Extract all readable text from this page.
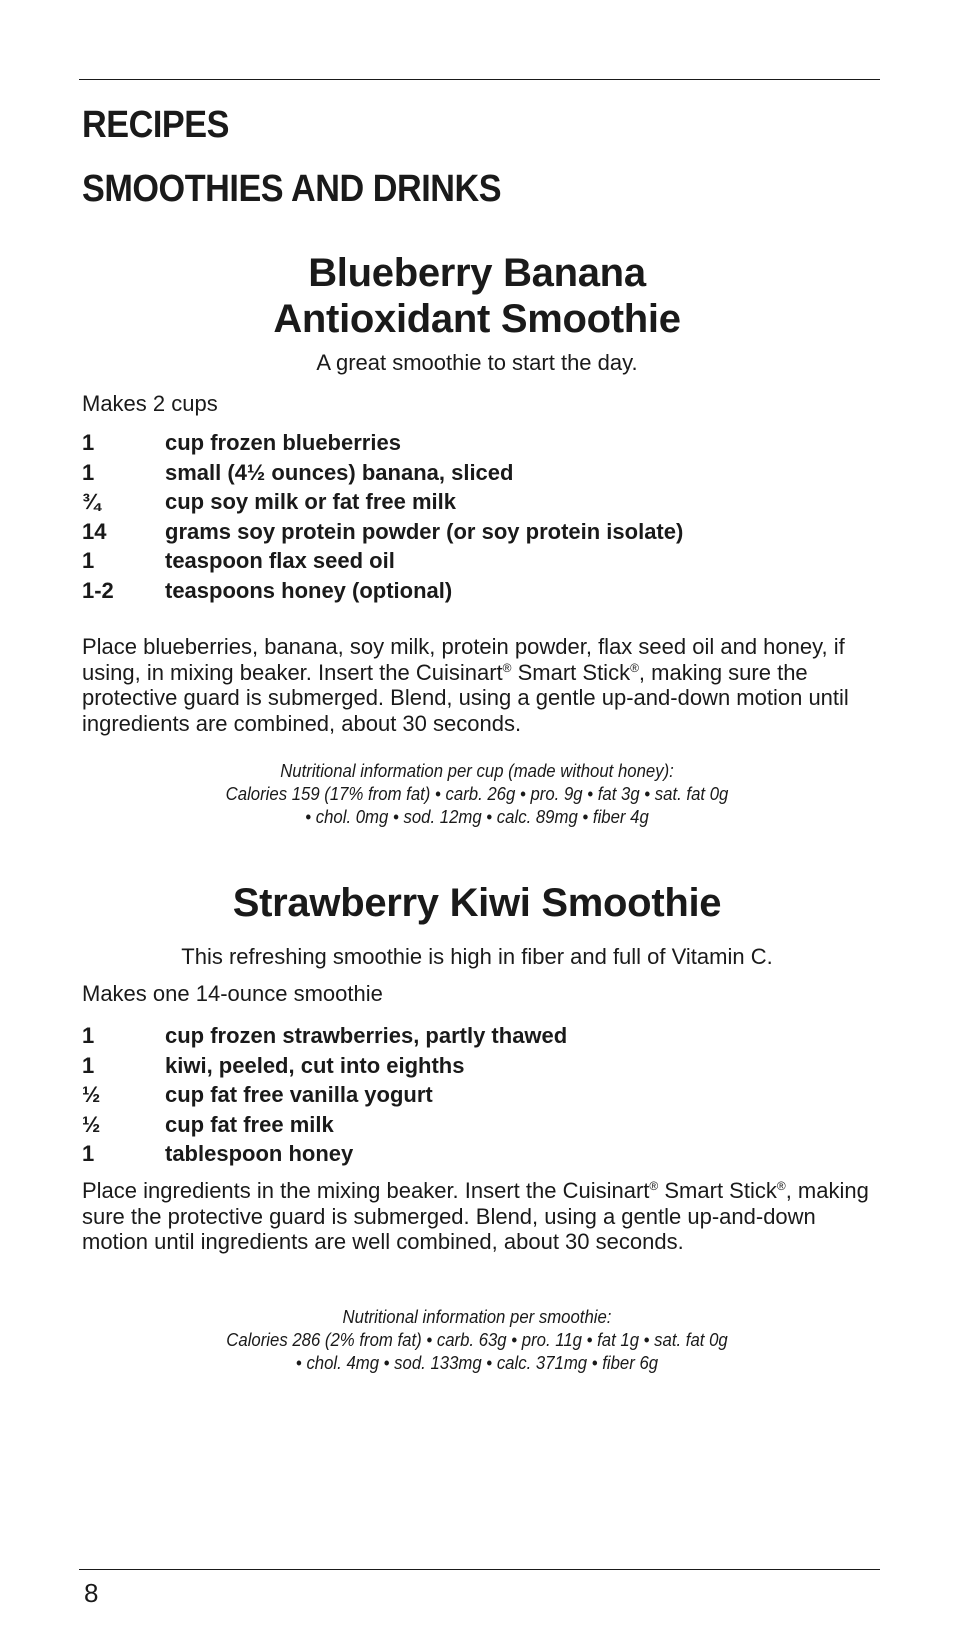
RECIPES
SMOOTHIES AND DRINKS
Blueberry Banana
Antioxidant Smoothie
A great smoothie to start the day.
Makes 2 cups
1	cup frozen blueberries
1	small (4½ ounces) banana, sliced
¾	cup soy milk or fat free milk
14	grams soy protein powder (or soy protein isolate)
1	teaspoon flax seed oil
1-2 teaspoons honey (optional)

Place blueberries, banana, soy milk, protein powder, flax seed oil and honey, if using, in mixing beaker. Insert the Cuisinart® Smart Stick®, making sure the protective guard is submerged. Blend, using a gentle up-and-down motion until ingredients are combined, about 30 seconds.

Nutritional information per cup (made without honey):
Calories 159 (17% from fat) • carb. 26g • pro. 9g • fat 3g • sat. fat 0g
• chol. 0mg • sod. 12mg • calc. 89mg • fiber 4g
Strawberry Kiwi Smoothie
This refreshing smoothie is high in fiber and full of Vitamin C.
Makes one 14-ounce smoothie
1	cup frozen strawberries, partly thawed
1	kiwi, peeled, cut into eighths
½	cup fat free vanilla yogurt
½	cup fat free milk
1	tablespoon honey

Place ingredients in the mixing beaker. Insert the Cuisinart® Smart Stick®, making sure the protective guard is submerged. Blend, using a gentle up-and-down motion until ingredients are well combined, about 30 seconds.

Nutritional information per smoothie:
Calories 286 (2% from fat) • carb. 63g • pro. 11g • fat 1g • sat. fat 0g
• chol. 4mg • sod. 133mg • calc. 371mg • fiber 6g
8
